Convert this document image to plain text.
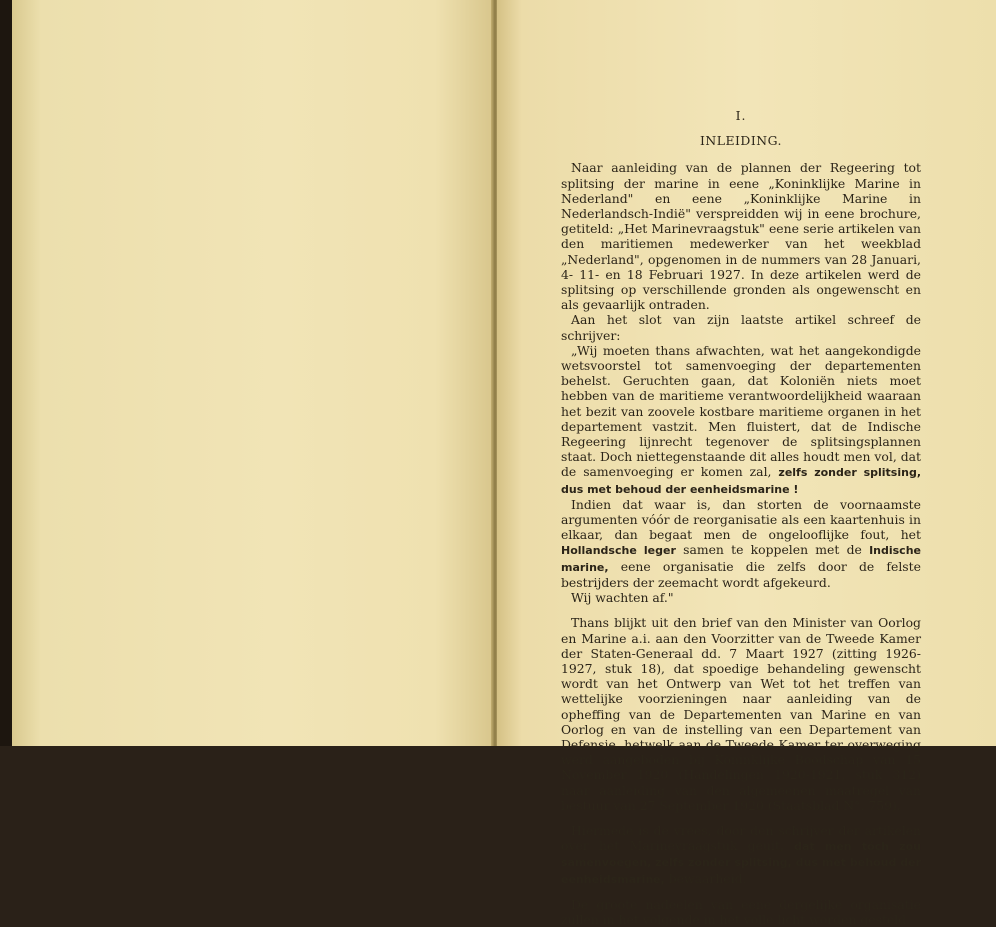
I.
INLEIDING.

Naar aanleiding van de plannen der Regeering tot splitsing der marine in eene „Koninklijke Marine in Nederland" en eene „Koninklijke Marine in Nederlandsch-Indië" verspreidden wij in eene brochure, getiteld: „Het Marinevraagstuk" eene serie artikelen van den maritiemen medewerker van het weekblad „Nederland", opgenomen in de nummers van 28 Januari, 4- 11- en 18 Februari 1927. In deze artikelen werd de splitsing op verschillende gronden als ongewenscht en als gevaarlijk ontraden.

Aan het slot van zijn laatste artikel schreef de schrijver:

„Wij moeten thans afwachten, wat het aangekondigde wetsvoorstel tot samenvoeging der departementen behelst. Geruchten gaan, dat Koloniën niets moet hebben van de maritieme verantwoordelijkheid waaraan het bezit van zoovele kostbare maritieme organen in het departement vastzit. Men fluistert, dat de Indische Regeering lijnrecht tegenover de splitsingsplannen staat. Doch niettegenstaande dit alles houdt men vol, dat de samenvoeging er komen zal, zelfs zonder splitsing, dus met behoud der eenheidsmarine !

Indien dat waar is, dan storten de voornaamste argumenten vóór de reorganisatie als een kaartenhuis in elkaar, dan begaat men de ongelooflijke fout, het Hollandsche leger samen te koppelen met de Indische marine, eene organisatie die zelfs door de felste bestrijders der zeemacht wordt afgekeurd.

Wij wachten af."

Thans blijkt uit den brief van den Minister van Oorlog en Marine a.i. aan den Voorzitter van de Tweede Kamer der Staten-Generaal dd. 7 Maart 1927 (zitting 1926-1927, stuk 18), dat spoedige behandeling gewenscht wordt van het Ontwerp van Wet tot het treffen van wettelijke voorzieningen naar aanleiding van de opheffing van de Departementen van Marine en van Oorlog en van de instelling van een Departement van Defensie, hetwelk aan de Tweede Kamer ter overweging werd aangeboden bij Koninklijke Boodschap van 15 November 1920 (Handelingen 1920-1921, stuk 312) naar aanleiding van den algemeenen maatregel van bestuur van 27 September 1920 (Staatsblad N°. 759).

Hiermede is de vrees, door den schrijver der artikelen over het Marinevraagstuk geuit, dat men tóch zou samenvoegen, zelfs zonder splitsing, dus met behoud der eenheidsmarine, bewaarheid.

De groote nadeelen van eene dergelijke organisatie zullen in het volgende in het volle licht worden gesteld.
